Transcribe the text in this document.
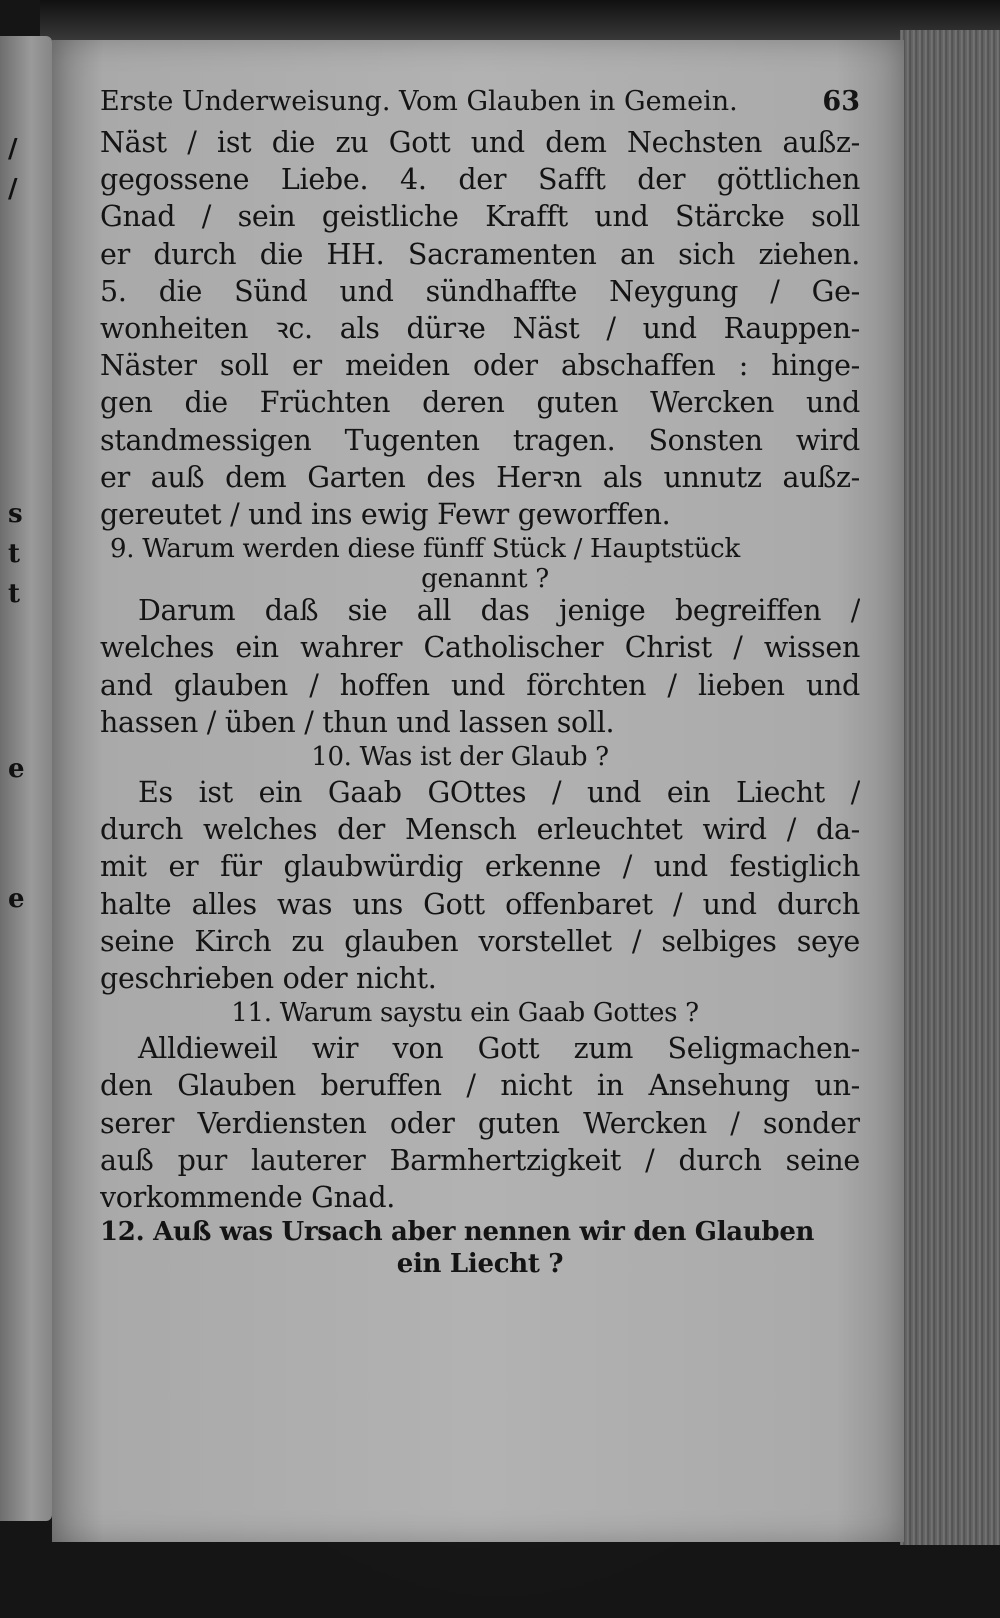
/
/
s
t
t
e
e
Erste Underweisung. Vom Glauben in Gemein.	63
Näst / ist die zu Gott und dem Nechsten außz-
gegossene Liebe. 4. der Safft der göttlichen
Gnad / sein geistliche Krafft und Stärcke soll
er durch die HH. Sacramenten an sich ziehen.
5. die Sünd und sündhaffte Neygung / Ge-
wonheiten ꝛc. als dürꝛe Näst / und Rauppen-
Näster soll er meiden oder abschaffen : hinge-
gen die Früchten deren guten Wercken und
standmessigen Tugenten tragen. Sonsten wird
er auß dem Garten des Herꝛn als unnutz außz-
gereutet / und ins ewig Fewr geworffen.
9. Warum werden diese fünff Stück / Hauptstück
genannt ?
Darum daß sie all das jenige begreiffen /
welches ein wahrer Catholischer Christ / wissen
and glauben / hoffen und förchten / lieben und
hassen / üben / thun und lassen soll.
10. Was ist der Glaub ?
Es ist ein Gaab GOttes / und ein Liecht /
durch welches der Mensch erleuchtet wird / da-
mit er für glaubwürdig erkenne / und festiglich
halte alles was uns Gott offenbaret / und durch
seine Kirch zu glauben vorstellet / selbiges seye
geschrieben oder nicht.
11. Warum saystu ein Gaab Gottes ?
Alldieweil wir von Gott zum Seligmachen-
den Glauben beruffen / nicht in Ansehung un-
serer Verdiensten oder guten Wercken / sonder
auß pur lauterer Barmhertzigkeit / durch seine
vorkommende Gnad.
12. Auß was Ursach aber nennen wir den Glauben
ein Liecht ?
